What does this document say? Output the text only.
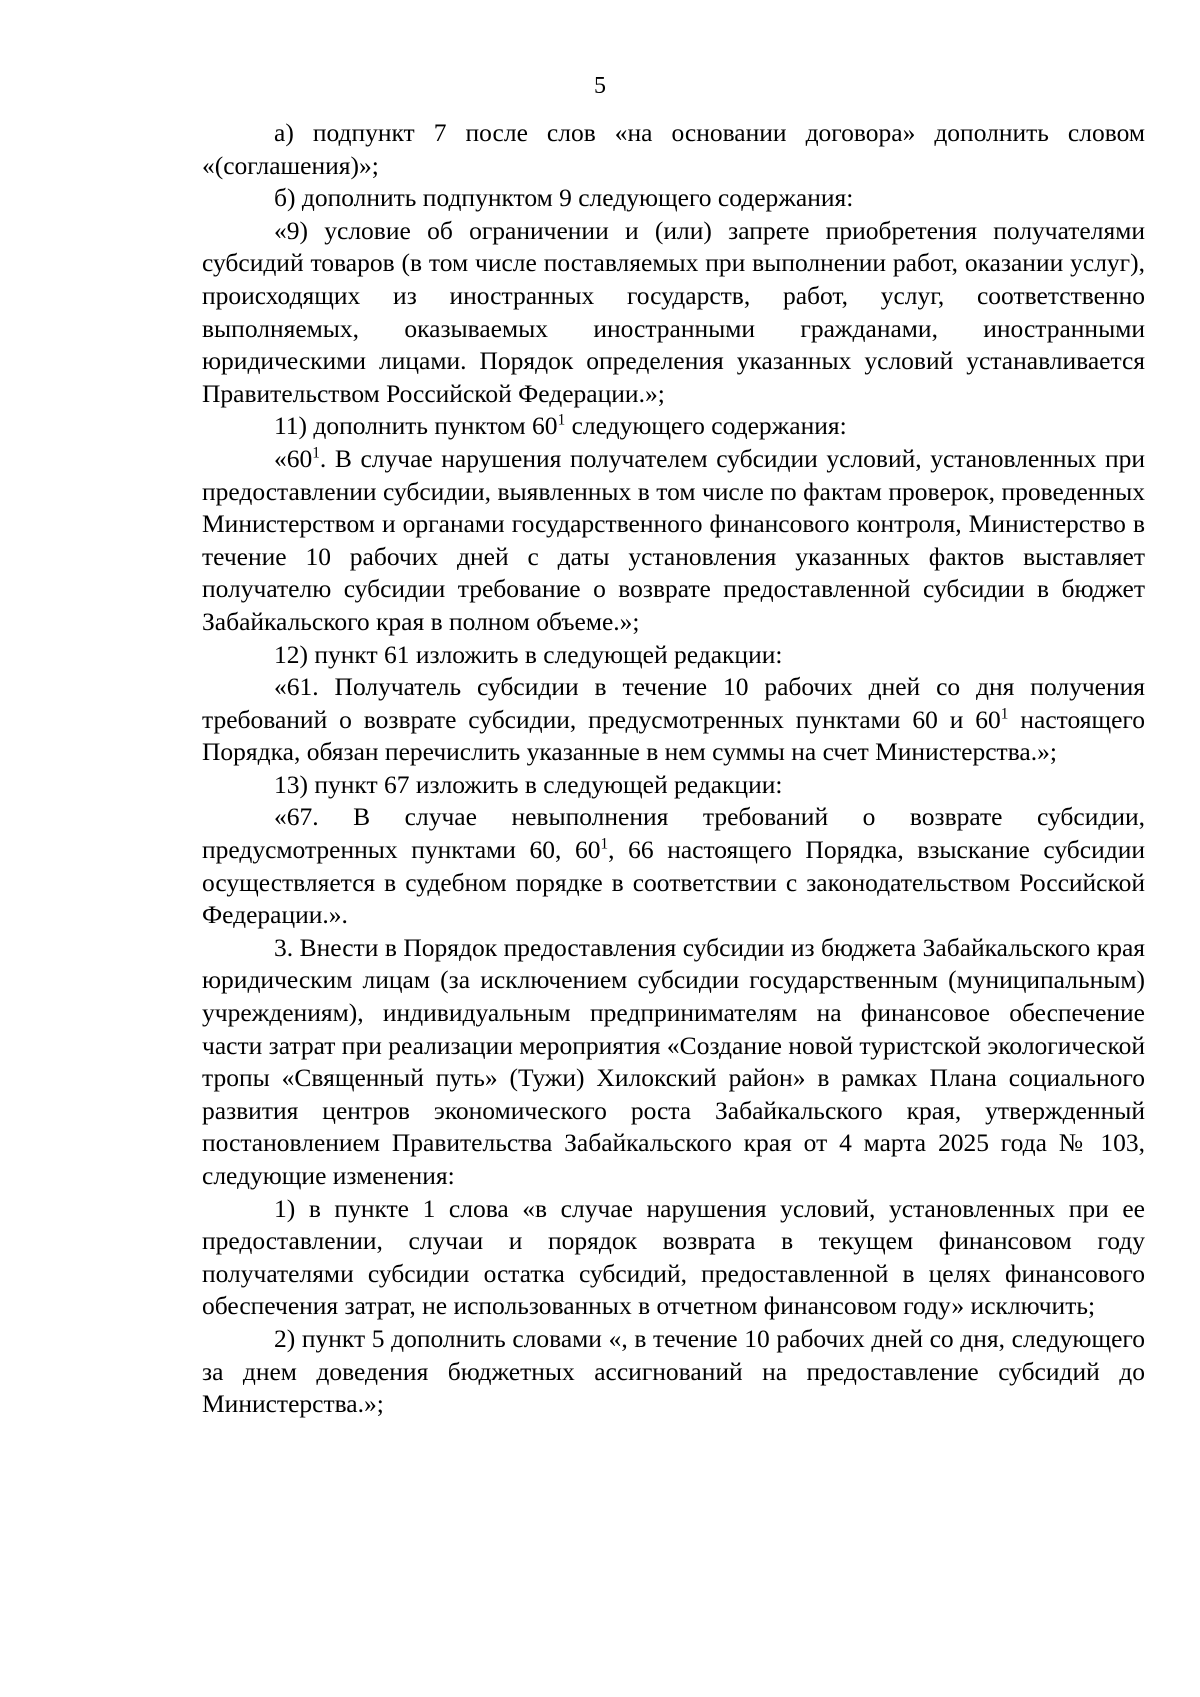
5

а) подпункт 7 после слов «на основании договора» дополнить словом «(соглашения)»;

б) дополнить подпунктом 9 следующего содержания:

«9) условие об ограничении и (или) запрете приобретения получателями субсидий товаров (в том числе поставляемых при выполнении работ, оказании услуг), происходящих из иностранных государств, работ, услуг, соответственно выполняемых, оказываемых иностранными гражданами, иностранными юридическими лицами. Порядок определения указанных условий устанавливается Правительством Российской Федерации.»;

11) дополнить пунктом $60^1$ следующего содержания:

«$60^1$. В случае нарушения получателем субсидии условий, установленных при предоставлении субсидии, выявленных в том числе по фактам проверок, проведенных Министерством и органами государственного финансового контроля, Министерство в течение 10 рабочих дней с даты установления указанных фактов выставляет получателю субсидии требование о возврате предоставленной субсидии в бюджет Забайкальского края в полном объеме.»;

12) пункт 61 изложить в следующей редакции:

«61. Получатель субсидии в течение 10 рабочих дней со дня получения требований о возврате субсидии, предусмотренных пунктами 60 и $60^1$ настоящего Порядка, обязан перечислить указанные в нем суммы на счет Министерства.»;

13) пункт 67 изложить в следующей редакции:

«67. В случае невыполнения требований о возврате субсидии, предусмотренных пунктами 60, $60^1$, 66 настоящего Порядка, взыскание субсидии осуществляется в судебном порядке в соответствии с законодательством Российской Федерации.».

3. Внести в Порядок предоставления субсидии из бюджета Забайкальского края юридическим лицам (за исключением субсидии государственным (муниципальным) учреждениям), индивидуальным предпринимателям на финансовое обеспечение части затрат при реализации мероприятия «Создание новой туристской экологической тропы «Священный путь» (Тужи) Хилокский район» в рамках Плана социального развития центров экономического роста Забайкальского края, утвержденный постановлением Правительства Забайкальского края от 4 марта 2025 года № 103, следующие изменения:

1) в пункте 1 слова «в случае нарушения условий, установленных при ее предоставлении, случаи и порядок возврата в текущем финансовом году получателями субсидии остатка субсидий, предоставленной в целях финансового обеспечения затрат, не использованных в отчетном финансовом году» исключить;

2) пункт 5 дополнить словами «, в течение 10 рабочих дней со дня, следующего за днем доведения бюджетных ассигнований на предоставление субсидий до Министерства.»;
